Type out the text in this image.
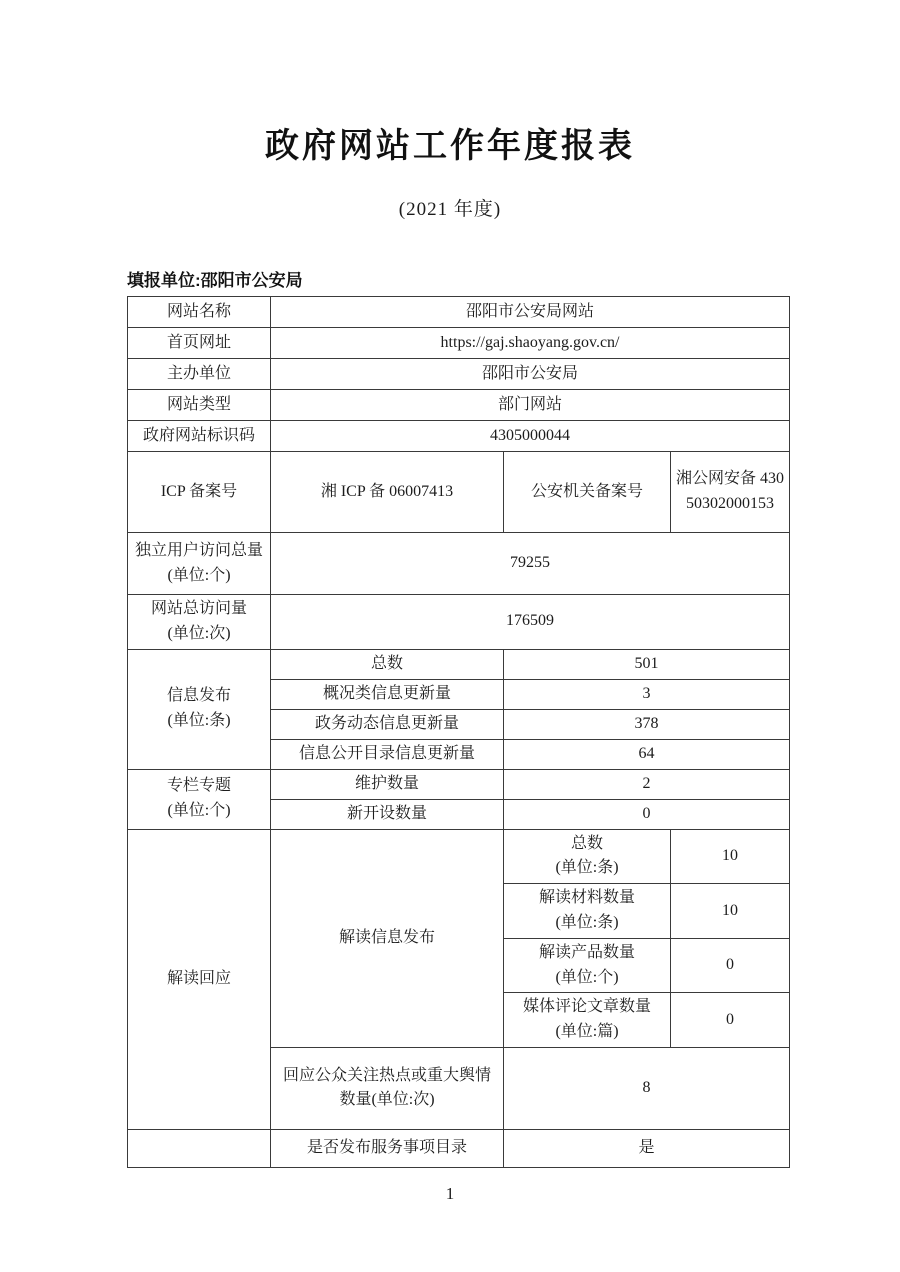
政府网站工作年度报表
(2021 年度)
填报单位:邵阳市公安局
网站名称	邵阳市公安局网站		
首页网址	https://gaj.shaoyang.gov.cn/		
主办单位	邵阳市公安局		
网站类型	部门网站		
政府网站标识码	4305000044		
ICP 备案号	湘 ICP 备 06007413	公安机关备案号	湘公网安备 43050302000153

独立用户访问总量
(单位:个)	79255		

网站总访问量
(单位:次)	176509		

信息发布
(单位:条)	总数	501	
	概况类信息更新量	3	
	政务动态信息更新量	378	
	信息公开目录信息更新量	64	

专栏专题
(单位:个)	维护数量	2	
	新开设数量	0	
解读回应	解读信息发布	总数
(单位:条)	10

		解读材料数量
(单位:条)	10

		解读产品数量
(单位:个)	0

		媒体评论文章数量
(单位:篇)	0
	回应公众关注热点或重大舆情数量(单位:次)	8	
	是否发布服务事项目录	是	
1
